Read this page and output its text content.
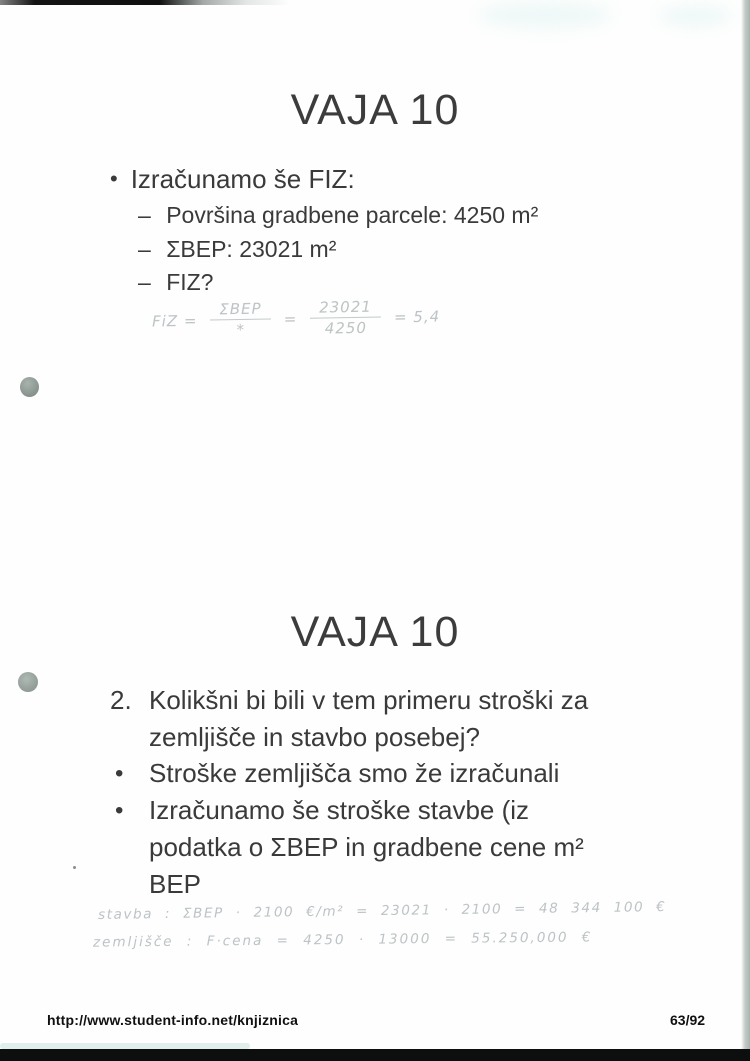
VAJA 10
• Izračunamo še FIZ:
– Površina gradbene parcele: 4250 m²
– ΣBEP: 23021 m²
– FIZ?
FiZ = $\frac{\text{ΣBEP}}{*} = \frac{23021}{4250} = 5,4$
VAJA 10
2. Kolikšni bi bili v tem primeru stroški za
zemljišče in stavbo posebej?
• Stroške zemljišča smo že izračunali
• Izračunamo še stroške stavbe (iz
podatka o ΣBEP in gradbene cene m²
BEP
stavba : ΣBEP · 2100 €/m² = 23021 · 2100 = 48 344 100 €
zemljišče : F·cena = 4250 · 13000 = 55.250,000 €
http://www.student-info.net/knjiznica	63/92
